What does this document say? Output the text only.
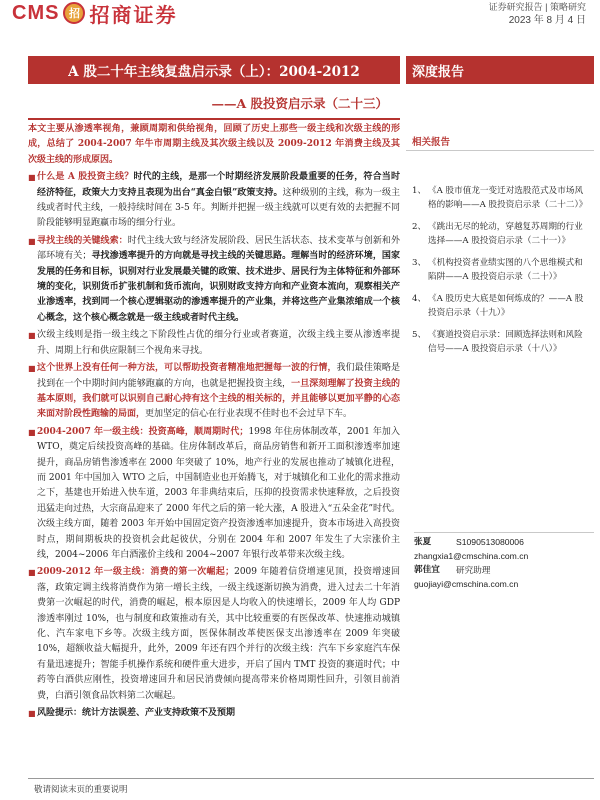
CMS 招 招商证券	证券研究报告 | 策略研究
2023 年 8 月 4 日
A 股二十年主线复盘启示录（上）：2004-2012	深度报告
——A 股投资启示录（二十三）

本文主要从渗透率视角，兼顾周期和供给视角，回顾了历史上那些一级主线和次级主线的形成，总结了 2004-2007 年牛市周期主线及其次级主线以及 2009-2012 年消费主线及其次级主线的形成原因。

■ 什么是 A 股投资主线？时代的主线，是那一个时期经济发展阶段最重要的任务，符合当时经济特征，政策大力支持且表现为出台“真金白银”政策支持。这种级别的主线，称为一级主线或者时代主线，一般持续时间在 3-5 年。判断并把握一级主线就可以更有效的去把握不同阶段能够明显跑赢市场的细分行业。
■ 寻找主线的关键线索：时代主线大致与经济发展阶段、居民生活状态、技术变革与创新和外部环境有关；寻找渗透率提升的方向就是寻找主线的关键思路。理解当时的经济环境，国家发展的任务和目标，识别对行业发展最关键的政策、技术进步、居民行为主体特征和外部环境的变化，识别货币扩张机制和货币流向，识别财政支持方向和产业资本流向，观察相关产业渗透率，找到同一个核心逻辑驱动的渗透率提升的产业集，并将这些产业集浓缩成一个核心概念，这个核心概念就是一级主线或者时代主线。
■ 次级主线则是指一级主线之下阶段性占优的细分行业或者赛道，次级主线主要从渗透率提升、周期上行和供应限制三个视角来寻找。
■ 这个世界上没有任何一种方法，可以帮助投资者精准地把握每一波的行情，我们最佳策略是找到在一个中期时间内能够跑赢的方向，也就是把握投资主线，一旦深刻理解了投资主线的基本原则，我们就可以识别自己耐心持有这个主线的相关标的，并且能够以更加平静的心态来面对阶段性跑输的局面，更加坚定的信心在行业表现不佳时也不会过早下车。
■ 2004-2007 年一级主线：投资高峰，顺周期时代；1998 年住房体制改革，2001 年加入 WTO，奠定后续投资高峰的基础。住房体制改革后，商品房销售和新开工面积渗透率加速提升，商品房销售渗透率在 2000 年突破了 10%，地产行业的发展也推动了城镇化进程，而 2001 年中国加入 WTO 之后，中国制造业也开始腾飞，对于城镇化和工业化的需求推动之下，基建也开始进入快车道，2003 年非典结束后，压抑的投资需求快速释放，之后投资迅猛走向过热，大宗商品迎来了 2000 年代之后的第一轮大涨，A 股进入“五朵金花”时代。次级主线方面，随着 2003 年开始中国固定资产投资渗透率加速提升，资本市场进入高投资时点，期间期板块的投资机会此起彼伏，分别在 2004 年和 2007 年发生了大宗涨价主线，2004~2006 年白酒涨价主线和 2004~2007 年银行改革带来次级主线。
■ 2009-2012 年一级主线：消费的第一次崛起；2009 年随着信贷增速见顶，投资增速回落，政策定调主线将消费作为第一增长主线，一级主线逐渐切换为消费，进入过去二十年消费第一次崛起的时代，消费的崛起，根本原因是人均收入的快速增长，2009 年人均 GDP 渗透率刚过 10%，也与制度和政策推动有关，其中比较重要的有医保改革、快速推动城镇化、汽车家电下乡等。次级主线方面，医保体制改革使医保支出渗透率在 2009 年突破 10%，超额收益大幅提升，此外，2009 年还有四个并行的次级主线：汽车下乡家庭汽车保有量迅速提升；智能手机操作系统和硬件重大进步，开启了国内 TMT 投资的赛道时代；中药等白酒供应刚性，投资增速回升和居民消费倾向提高带来价格周期性回升，引领目前消费，白酒引领食品饮料第二次崛起。
■ 风险提示：统计方法误差、产业支持政策不及预期
相关报告
1、 《A 股市值龙一变迁对选股范式及市场风格的影响——A 股投资启示录（二十二）》
2、 《跳出无尽的轮动，穿越复苏周期的行业选择——A 股投资启示录（二十一）》
3、 《机构投资者业绩实图的八个思维模式和陷阱——A 股投资启示录（二十）》
4、 《A 股历史大底是如何炼成的？——A 股投资启示录（十九）》
5、 《赛道投资启示录：回顾选择法则和风险信号——A 股投资启示录（十八）》
张夏	S1090513080006
zhangxia1@cmschina.com.cn
郭佳宜	研究助理
guojiayi@cmschina.com.cn
敬请阅读末页的重要说明
